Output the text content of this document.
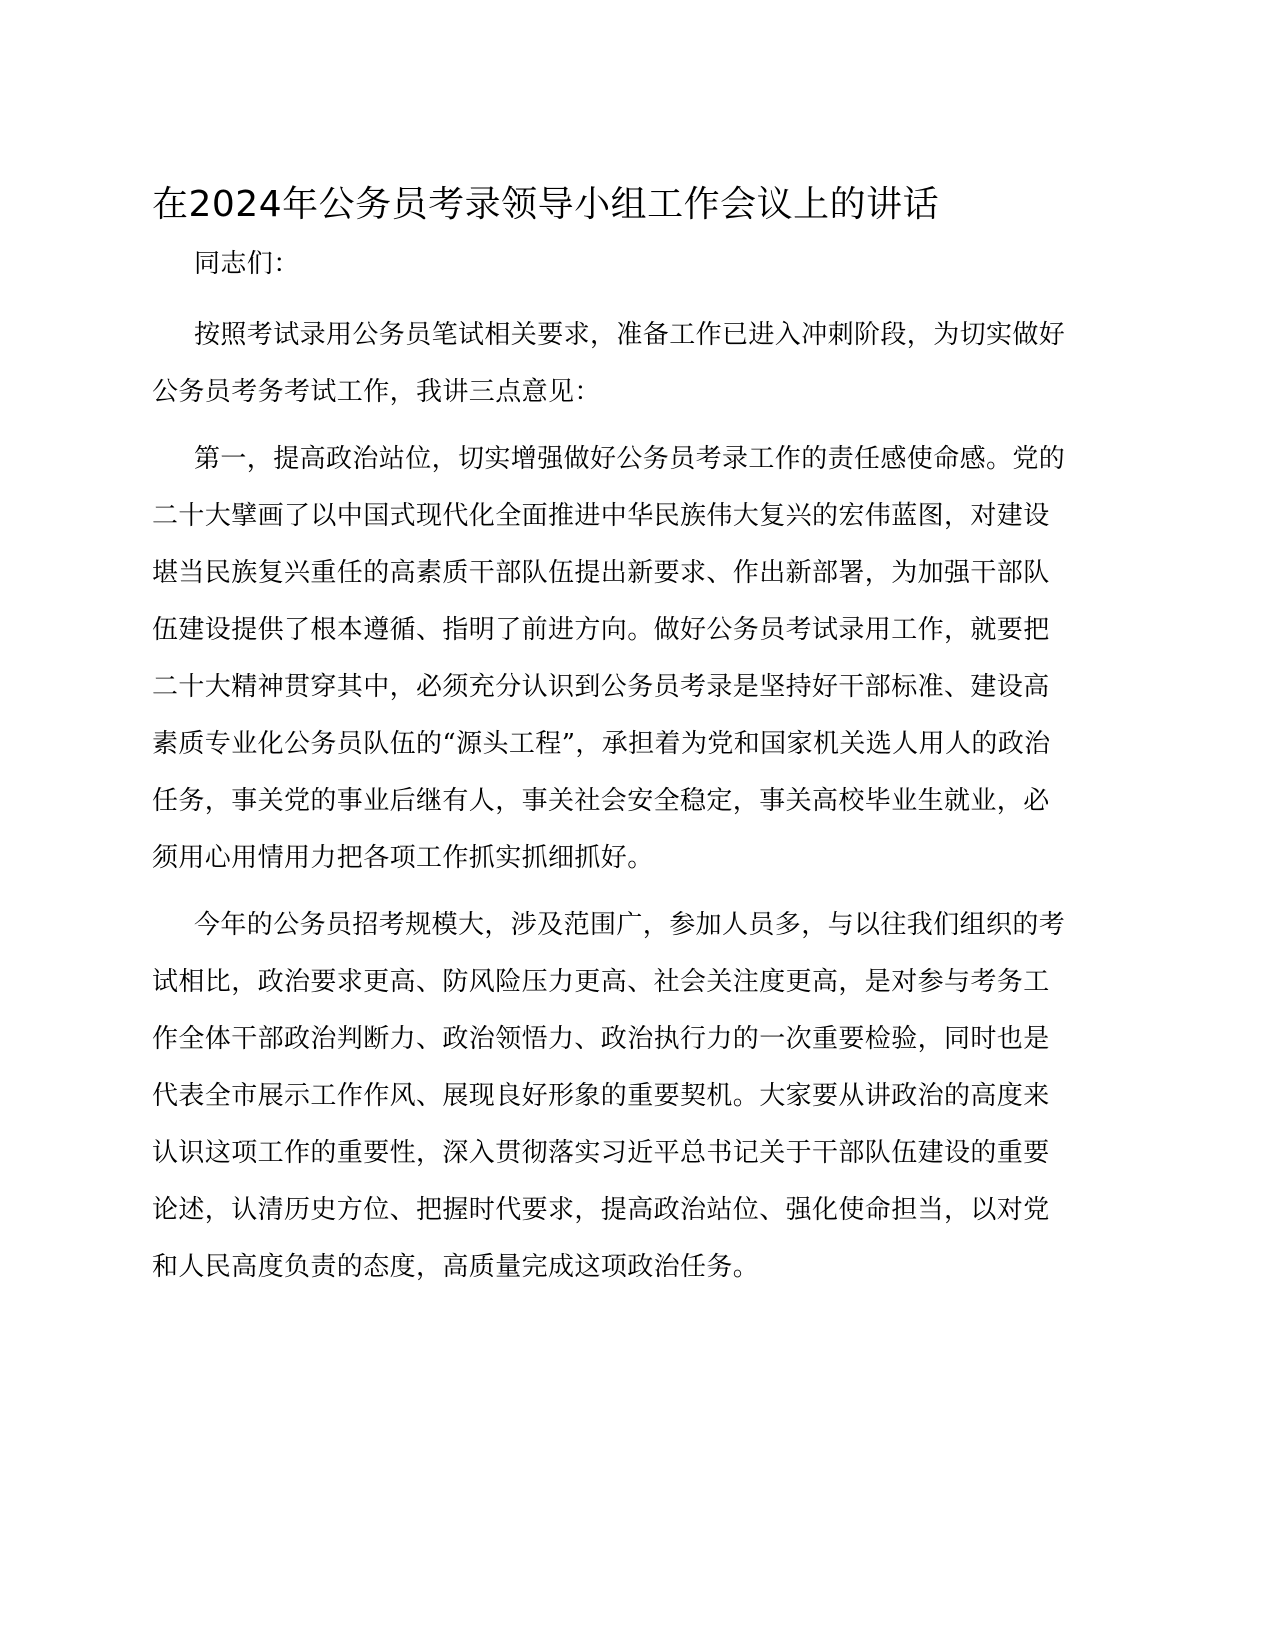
在2024年公务员考录领导小组工作会议上的讲话

同志们：

按照考试录用公务员笔试相关要求，准备工作已进入冲刺阶段，为切实做好公务员考务考试工作，我讲三点意见：

第一，提高政治站位，切实增强做好公务员考录工作的责任感使命感。党的二十大擘画了以中国式现代化全面推进中华民族伟大复兴的宏伟蓝图，对建设堪当民族复兴重任的高素质干部队伍提出新要求、作出新部署，为加强干部队伍建设提供了根本遵循、指明了前进方向。做好公务员考试录用工作，就要把二十大精神贯穿其中，必须充分认识到公务员考录是坚持好干部标准、建设高素质专业化公务员队伍的“源头工程”，承担着为党和国家机关选人用人的政治任务，事关党的事业后继有人，事关社会安全稳定，事关高校毕业生就业，必须用心用情用力把各项工作抓实抓细抓好。

今年的公务员招考规模大，涉及范围广，参加人员多，与以往我们组织的考试相比，政治要求更高、防风险压力更高、社会关注度更高，是对参与考务工作全体干部政治判断力、政治领悟力、政治执行力的一次重要检验，同时也是代表全市展示工作作风、展现良好形象的重要契机。大家要从讲政治的高度来认识这项工作的重要性，深入贯彻落实习近平总书记关于干部队伍建设的重要论述，认清历史方位、把握时代要求，提高政治站位、强化使命担当，以对党和人民高度负责的态度，高质量完成这项政治任务。
